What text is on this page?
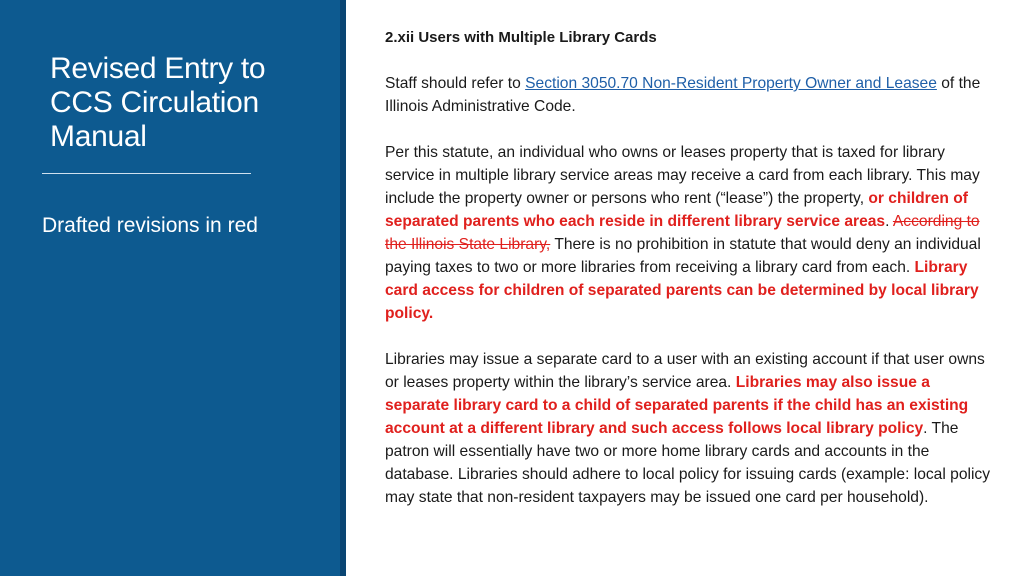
Revised Entry to CCS Circulation Manual
Drafted revisions in red

2.xii Users with Multiple Library Cards

Staff should refer to Section 3050.70 Non-Resident Property Owner and Leasee of the Illinois Administrative Code.

Per this statute, an individual who owns or leases property that is taxed for library service in multiple library service areas may receive a card from each library. This may include the property owner or persons who rent (“lease”) the property, or children of separated parents who each reside in different library service areas. According to the Illinois State Library, There is no prohibition in statute that would deny an individual paying taxes to two or more libraries from receiving a library card from each. Library card access for children of separated parents can be determined by local library policy.

Libraries may issue a separate card to a user with an existing account if that user owns or leases property within the library’s service area. Libraries may also issue a separate library card to a child of separated parents if the child has an existing account at a different library and such access follows local library policy. The patron will essentially have two or more home library cards and accounts in the database. Libraries should adhere to local policy for issuing cards (example: local policy may state that non-resident taxpayers may be issued one card per household).
